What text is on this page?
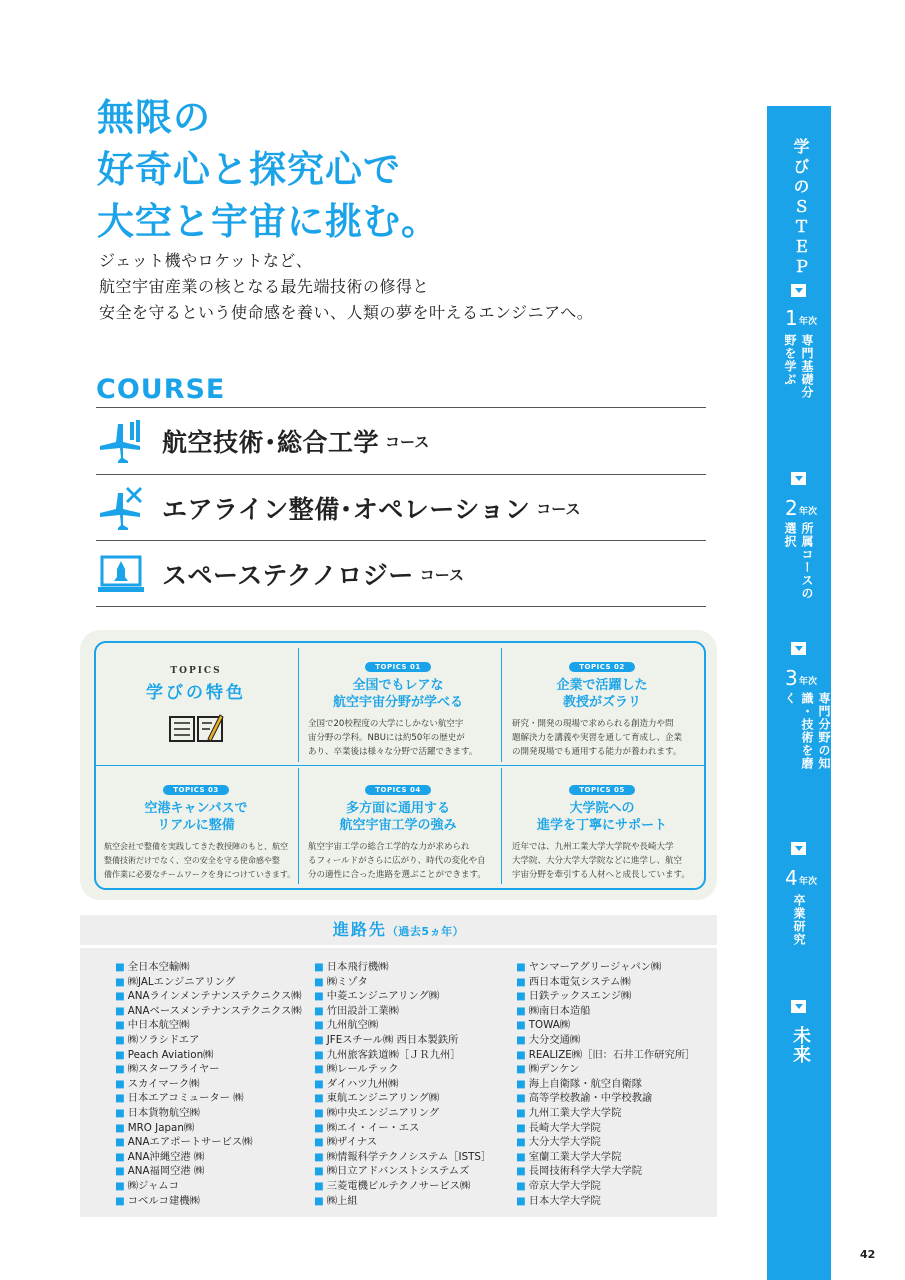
無限の
好奇心と探究心で
大空と宇宙に挑む。
ジェット機やロケットなど、
航空宇宙産業の核となる最先端技術の修得と
安全を守るという使命感を養い、人類の夢を叶えるエンジニアへ。
COURSE
航空技術･総合工学 コース
エアライン整備･オペレーション コース
スペーステクノロジー コース
TOPICS
学びの特色
TOPICS 01
全国でもレアな
航空宇宙分野が学べる
全国で20校程度の大学にしかない航空宇
宙分野の学科。NBUには約50年の歴史が
あり、卒業後は様々な分野で活躍できます。
TOPICS 02
企業で活躍した
教授がズラリ
研究・開発の現場で求められる創造力や問
題解決力を講義や実習を通して育成し、企業
の開発現場でも通用する能力が養われます。
TOPICS 03
空港キャンパスで
リアルに整備
航空会社で整備を実践してきた教授陣のもと、航空
整備技術だけでなく、空の安全を守る使命感や整
備作業に必要なチームワークを身につけていきます。
TOPICS 04
多方面に通用する
航空宇宙工学の強み
航空宇宙工学の総合工学的な力が求められ
るフィールドがさらに広がり、時代の変化や自
分の適性に合った進路を選ぶことができます。
TOPICS 05
大学院への
進学を丁寧にサポート
近年では、九州工業大学大学院や長崎大学
大学院、大分大学大学院などに進学し、航空
宇宙分野を牽引する人材へと成長しています。
進路先（過去5ヵ年）
■ 全日本空輸㈱
■ ㈱JALエンジニアリング
■ ANAラインメンテナンステクニクス㈱
■ ANAベースメンテナンステクニクス㈱
■ 中日本航空㈱
■ ㈱ソラシドエア
■ Peach Aviation㈱
■ ㈱スターフライヤー
■ スカイマーク㈱
■ 日本エアコミューター ㈱
■ 日本貨物航空㈱
■ MRO Japan㈱
■ ANAエアポートサービス㈱
■ ANA沖縄空港 ㈱
■ ANA福岡空港 ㈱
■ ㈱ジャムコ
■ コベルコ建機㈱
■ 日本飛行機㈱
■ ㈱ミゾタ
■ 中菱エンジニアリング㈱
■ 竹田設計工業㈱
■ 九州航空㈱
■ JFEスチール㈱ 西日本製鉄所
■ 九州旅客鉄道㈱［ＪＲ九州］
■ ㈱レールテック
■ ダイハツ九州㈱
■ 東航エンジニアリング㈱
■ ㈱中央エンジニアリング
■ ㈱エイ・イー・エス
■ ㈱ザイナス
■ ㈱情報科学テクノシステム［ISTS］
■ ㈱日立アドバンストシステムズ
■ 三菱電機ビルテクノサービス㈱
■ ㈱上組
■ ヤンマーアグリージャパン㈱
■ 西日本電気システム㈱
■ 日鉄テックスエンジ㈱
■ ㈱南日本造船
■ TOWA㈱
■ 大分交通㈱
■ REALIZE㈱［旧：石井工作研究所］
■ ㈱デンケン
■ 海上自衛隊・航空自衛隊
■ 高等学校教諭・中学校教諭
■ 九州工業大学大学院
■ 長崎大学大学院
■ 大分大学大学院
■ 室蘭工業大学大学院
■ 長岡技術科学大学大学院
■ 帝京大学大学院
■ 日本大学大学院
学びのＳＴＥＰ
1 年次
専門基礎分野を学ぶ
2 年次
所属コースの選択
3 年次
専門分野の知識・技術を磨く
4 年次
卒業研究
未来
42
